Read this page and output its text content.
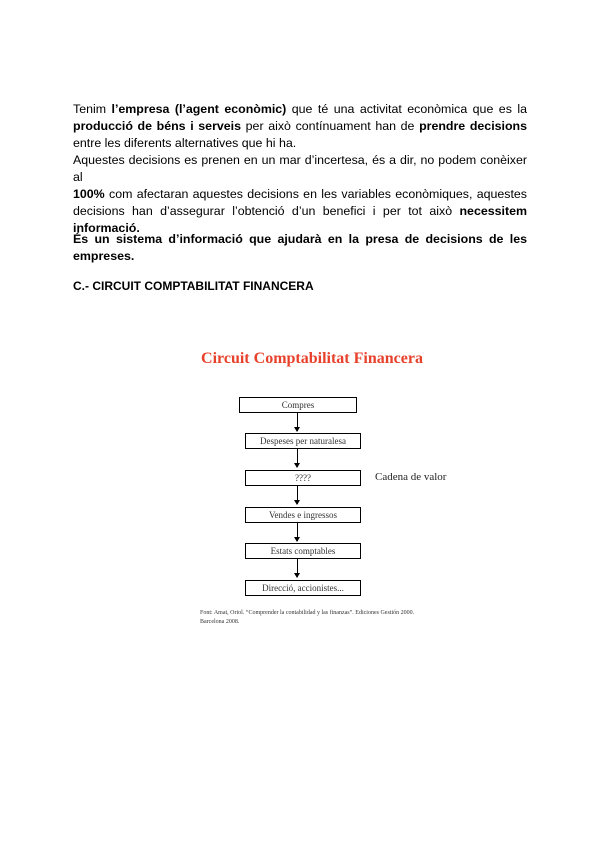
Tenim l’empresa (l’agent econòmic) que té una activitat econòmica que es la
producció de béns i serveis per això contínuament han de prendre decisions
entre les diferents alternatives que hi ha.
Aquestes decisions es prenen en un mar d’incertesa, és a dir, no podem conèixer al
100% com afectaran aquestes decisions en les variables econòmiques, aquestes
decisions han d’assegurar l’obtenció d’un benefici i per tot això necessitem
informació.
És un sistema d’informació que ajudarà en la presa de decisions de les
empreses.
C.- CIRCUIT COMPTABILITAT FINANCERA
Circuit Comptabilitat Financera
Compres
Despeses per naturalesa
????
Vendes e ingressos
Estats comptables
Direcció, accionistes...
Cadena de valor
Font: Amat, Oriol. “Comprender la contabilidad y las finanzas”. Ediciones Gestión 2000.
Barcelona 2008.
